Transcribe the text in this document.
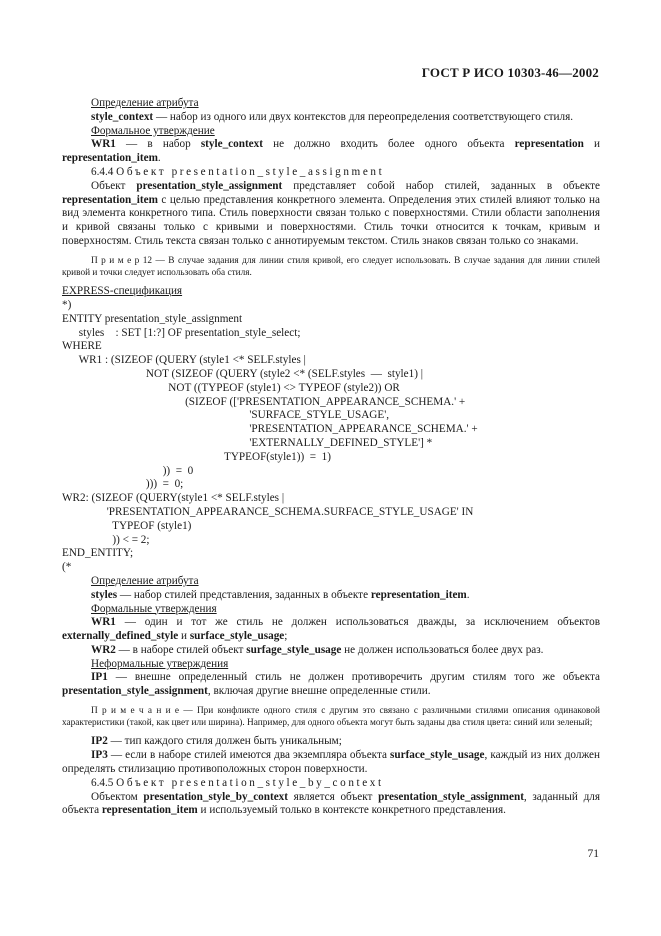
ГОСТ Р ИСО 10303-46—2002

Определение атрибута

style_context — набор из одного или двух контекстов для переопределения соответствующего стиля.

Формальное утверждение

WR1 — в набор style_context не должно входить более одного объекта representation и representation_item.

6.4.4 Объект presentation_style_assignment

Объект presentation_style_assignment представляет собой набор стилей, заданных в объекте representation_item с целью представления конкретного элемента. Определения этих стилей влияют только на вид элемента конкретного типа. Стиль поверхности связан только с поверхностями. Стили области заполнения и кривой связаны только с кривыми и поверхностями. Стиль точки относится к точкам, кривым и поверхностям. Стиль текста связан только с аннотируемым текстом. Стиль знаков связан только со знаками.

П р и м е р 12 — В случае задания для линии стиля кривой, его следует использовать. В случае задания для линии стилей кривой и точки следует использовать оба стиля.

EXPRESS-спецификация

*)
ENTITY presentation_style_assignment
styles    : SET [1:?] OF presentation_style_select;
WHERE
WR1 : (SIZEOF (QUERY (style1 <* SELF.styles |
NOT (SIZEOF (QUERY (style2 <* (SELF.styles  —  style1) |
NOT ((TYPEOF (style1) <> TYPEOF (style2)) OR
(SIZEOF (['PRESENTATION_APPEARANCE_SCHEMA.' +
'SURFACE_STYLE_USAGE',
'PRESENTATION_APPEARANCE_SCHEMA.' +
'EXTERNALLY_DEFINED_STYLE'] *
TYPEOF(style1))  =  1)
))  =  0
)))  =  0;
WR2: (SIZEOF (QUERY(style1 <* SELF.styles |
'PRESENTATION_APPEARANCE_SCHEMA.SURFACE_STYLE_USAGE' IN
TYPEOF (style1)
)) < = 2;
END_ENTITY;
(*

Определение атрибута

styles — набор стилей представления, заданных в объекте representation_item.

Формальные утверждения

WR1 — один и тот же стиль не должен использоваться дважды, за исключением объектов externally_defined_style и surface_style_usage;

WR2 — в наборе стилей объект surfage_style_usage не должен использоваться более двух раз.

Неформальные утверждения

IP1 — внешне определенный стиль не должен противоречить другим стилям того же объекта presentation_style_assignment, включая другие внешне определенные стили.

П р и м е ч а н и е — При конфликте одного стиля с другим это связано с различными стилями описания одинаковой характеристики (такой, как цвет или ширина). Например, для одного объекта могут быть заданы два стиля цвета: синий или зеленый;

IP2 — тип каждого стиля должен быть уникальным;

IP3 — если в наборе стилей имеются два экземпляра объекта surface_style_usage, каждый из них должен определять стилизацию противоположных сторон поверхности.

6.4.5 Объект presentation_style_by_context

Объектом presentation_style_by_context является объект presentation_style_assignment, заданный для объекта representation_item и используемый только в контексте конкретного представления.

71
